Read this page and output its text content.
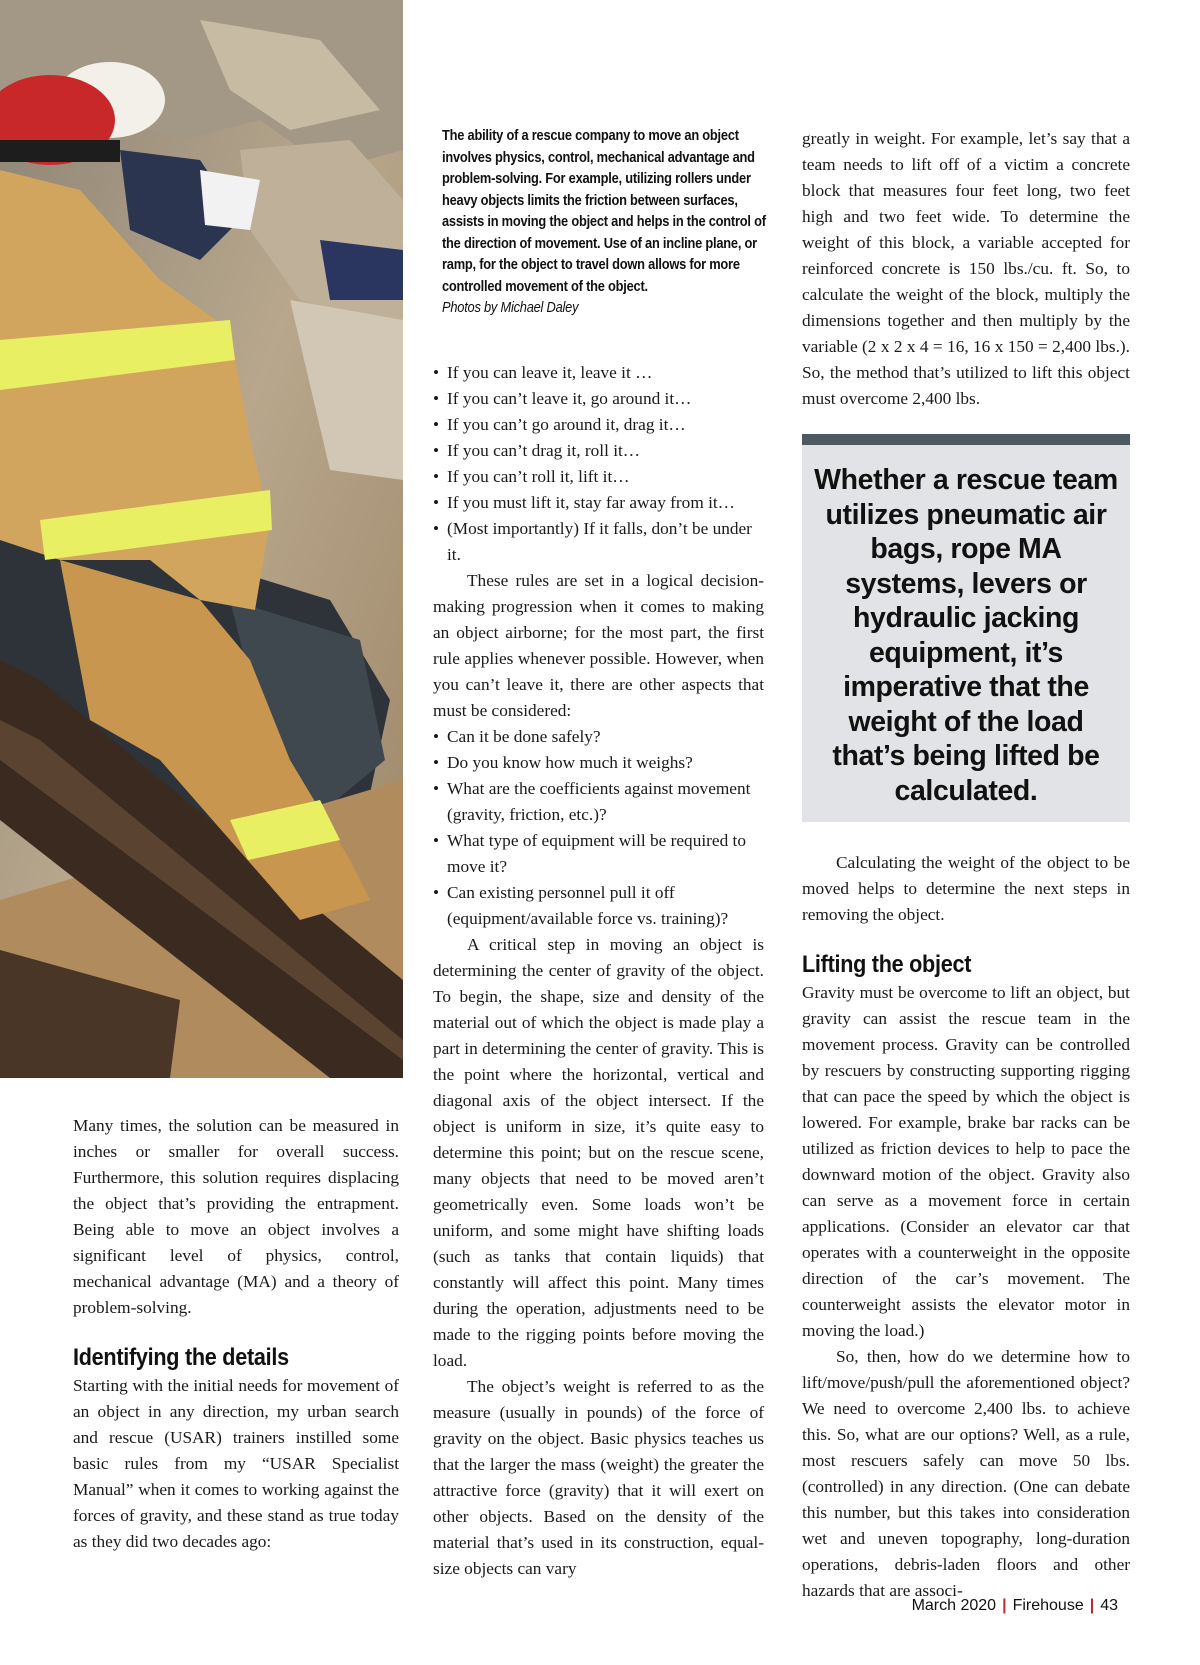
The ability of a rescue company to move an object involves physics, control, mechanical advantage and problem-solving. For example, utilizing rollers under heavy objects limits the friction between surfaces, assists in moving the object and helps in the control of the direction of movement. Use of an incline plane, or ramp, for the object to travel down allows for more controlled movement of the object.
Photos by Michael Daley

Many times, the solution can be measured in inches or smaller for overall success. Furthermore, this solution requires displacing the object that’s providing the entrapment. Being able to move an object involves a significant level of physics, control, mechanical advantage (MA) and a theory of problem-solving.

Identifying the details

Starting with the initial needs for movement of an object in any direction, my urban search and rescue (USAR) trainers instilled some basic rules from my “USAR Specialist Manual” when it comes to working against the forces of gravity, and these stand as true today as they did two decades ago:

• If you can leave it, leave it …
• If you can’t leave it, go around it…
• If you can’t go around it, drag it…
• If you can’t drag it, roll it…
• If you can’t roll it, lift it…
• If you must lift it, stay far away from it…
• (Most importantly) If it falls, don’t be under it.

These rules are set in a logical decision-making progression when it comes to making an object airborne; for the most part, the first rule applies whenever possible. However, when you can’t leave it, there are other aspects that must be considered:

• Can it be done safely?
• Do you know how much it weighs?
• What are the coefficients against movement (gravity, friction, etc.)?
• What type of equipment will be required to move it?
• Can existing personnel pull it off (equipment/available force vs. training)?

A critical step in moving an object is determining the center of gravity of the object. To begin, the shape, size and density of the material out of which the object is made play a part in determining the center of gravity. This is the point where the horizontal, vertical and diagonal axis of the object intersect. If the object is uniform in size, it’s quite easy to determine this point; but on the rescue scene, many objects that need to be moved aren’t geometrically even. Some loads won’t be uniform, and some might have shifting loads (such as tanks that contain liquids) that constantly will affect this point. Many times during the operation, adjustments need to be made to the rigging points before moving the load.

The object’s weight is referred to as the measure (usually in pounds) of the force of gravity on the object. Basic physics teaches us that the larger the mass (weight) the greater the attractive force (gravity) that it will exert on other objects. Based on the density of the material that’s used in its construction, equal-size objects can vary

greatly in weight. For example, let’s say that a team needs to lift off of a victim a concrete block that measures four feet long, two feet high and two feet wide. To determine the weight of this block, a variable accepted for reinforced concrete is 150 lbs./cu. ft. So, to calculate the weight of the block, multiply the dimensions together and then multiply by the variable (2 x 2 x 4 = 16, 16 x 150 = 2,400 lbs.). So, the method that’s utilized to lift this object must overcome 2,400 lbs.

Whether a rescue team utilizes pneumatic air bags, rope MA systems, levers or hydraulic jacking equipment, it’s imperative that the weight of the load that’s being lifted be calculated.

Calculating the weight of the object to be moved helps to determine the next steps in removing the object.

Lifting the object

Gravity must be overcome to lift an object, but gravity can assist the rescue team in the movement process. Gravity can be controlled by rescuers by constructing supporting rigging that can pace the speed by which the object is lowered. For example, brake bar racks can be utilized as friction devices to help to pace the downward motion of the object. Gravity also can serve as a movement force in certain applications. (Consider an elevator car that operates with a counterweight in the opposite direction of the car’s movement. The counterweight assists the elevator motor in moving the load.)

So, then, how do we determine how to lift/move/push/pull the aforementioned object? We need to overcome 2,400 lbs. to achieve this. So, what are our options? Well, as a rule, most rescuers safely can move 50 lbs. (controlled) in any direction. (One can debate this number, but this takes into consideration wet and uneven topography, long-duration operations, debris-laden floors and other hazards that are associ-

March 2020 | Firehouse | 43
